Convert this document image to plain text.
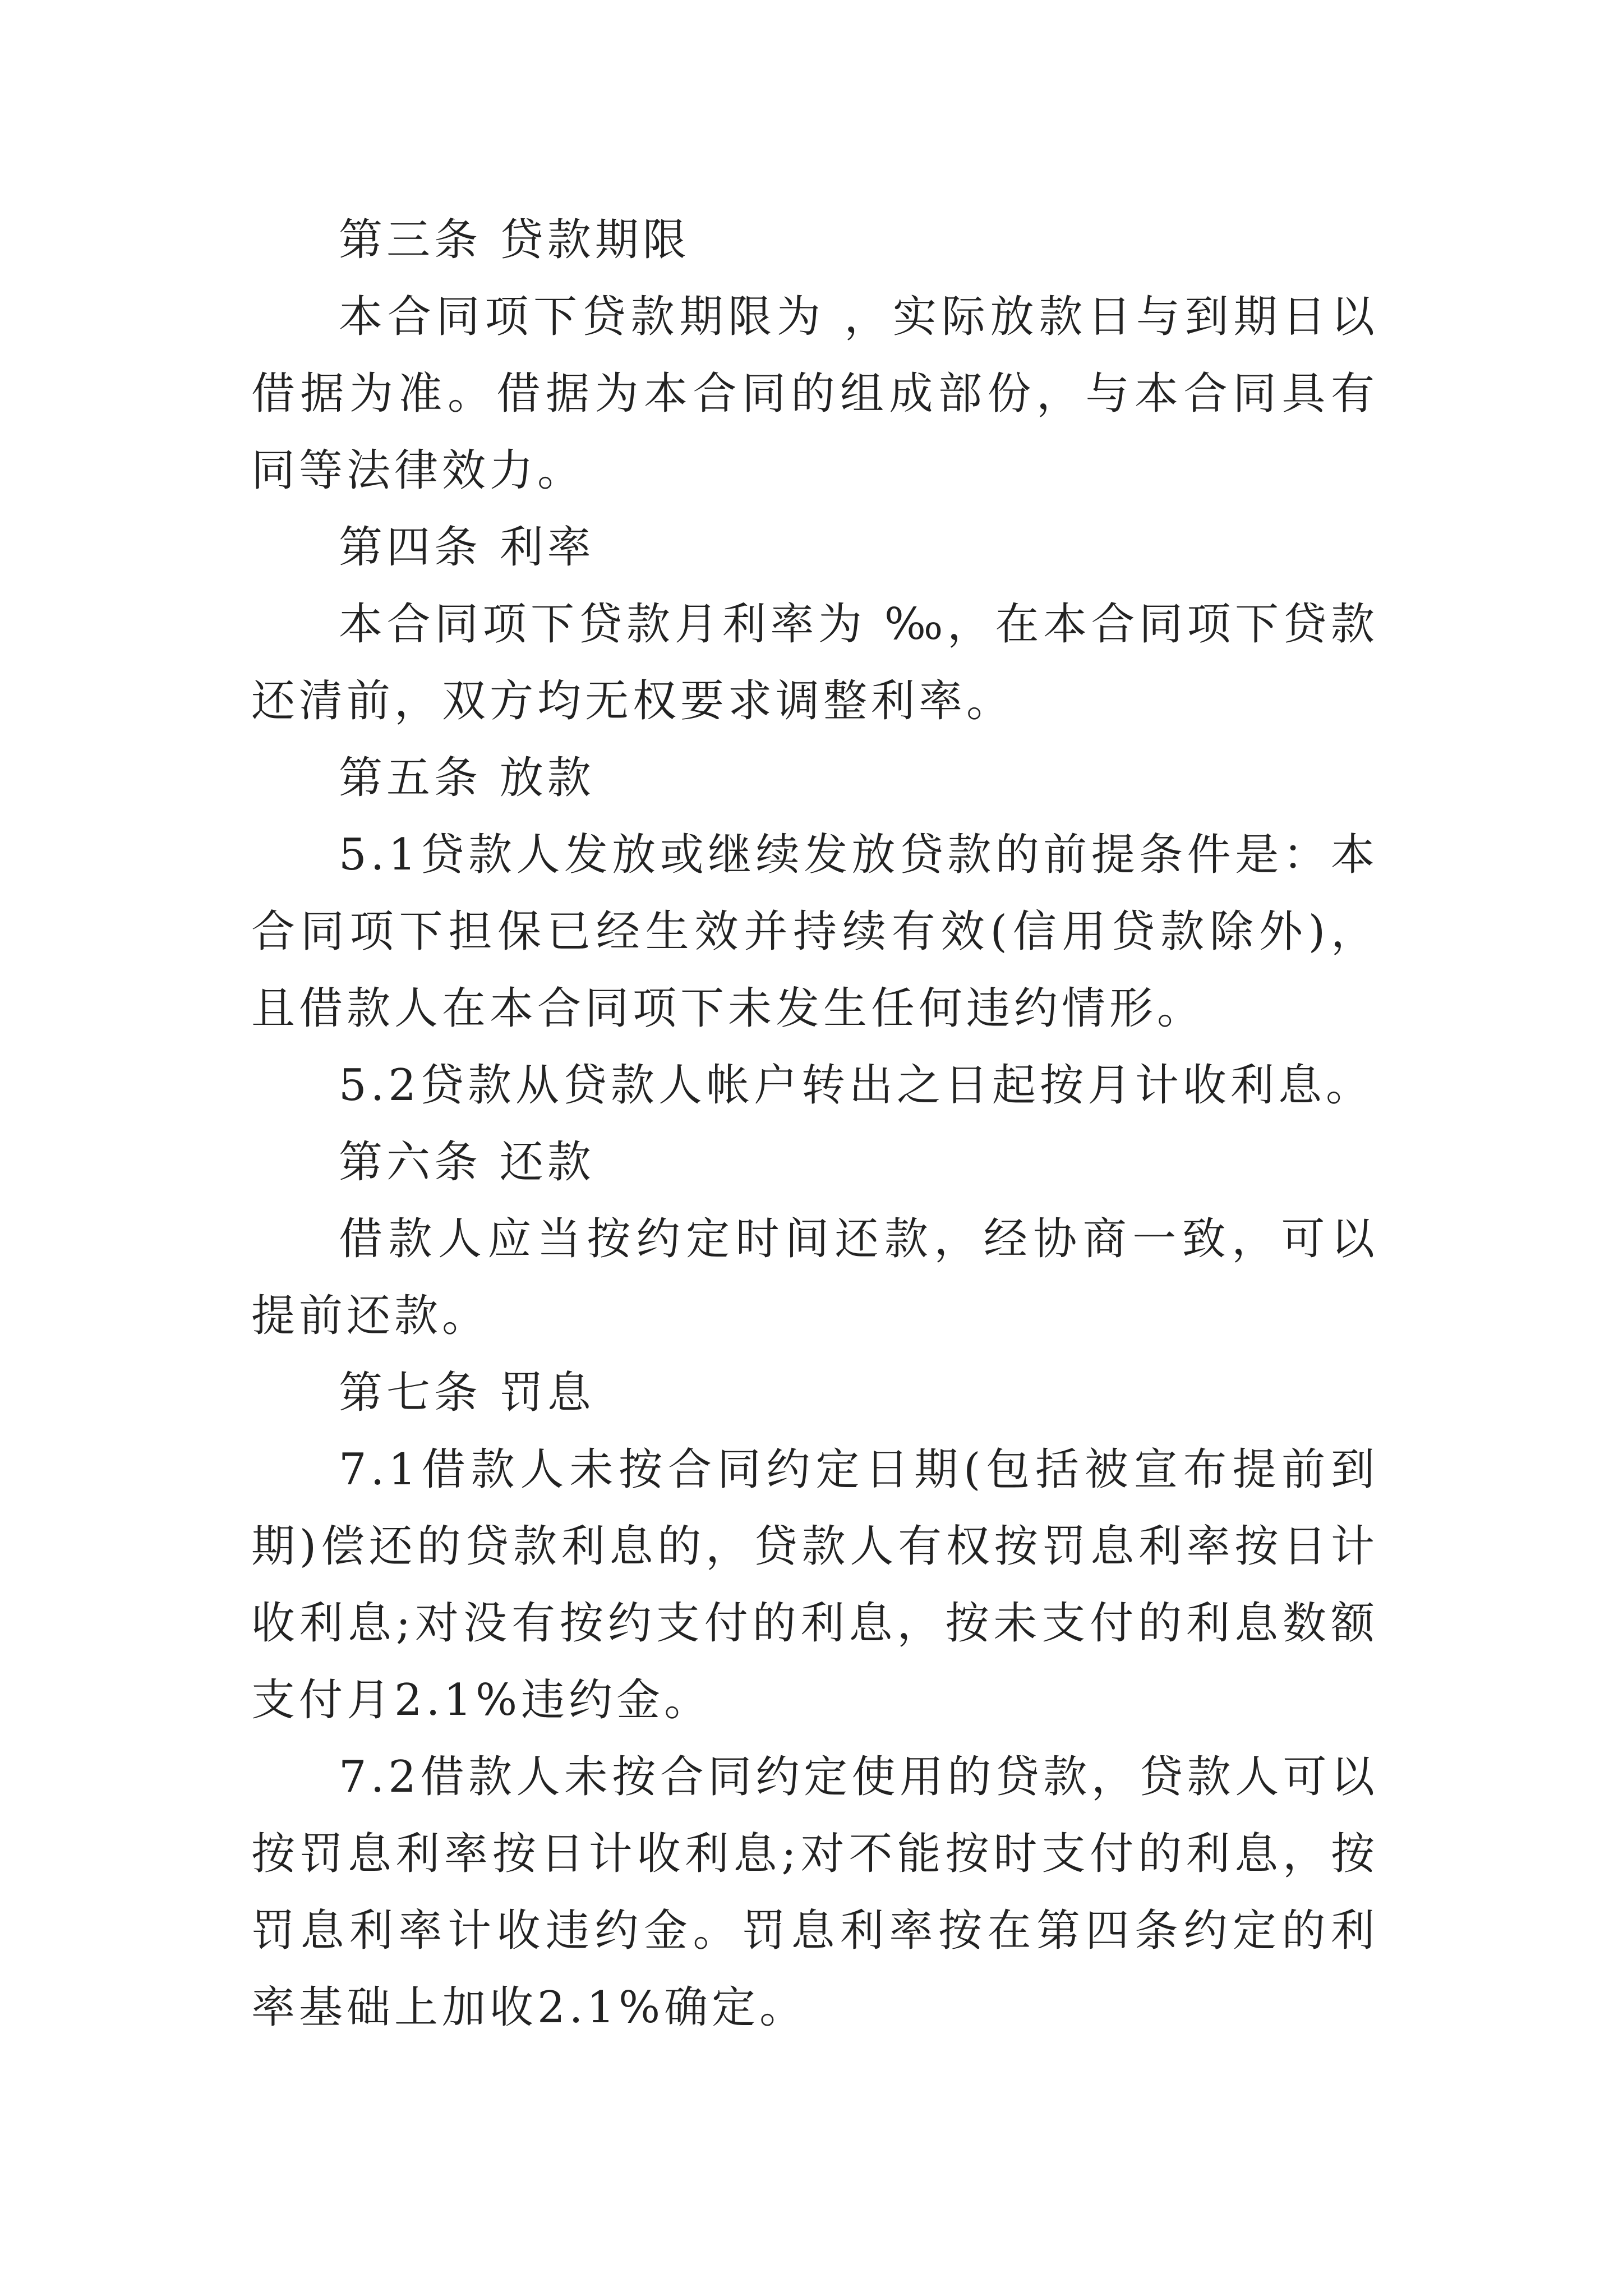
第三条 贷款期限

本合同项下贷款期限为 ，实际放款日与到期日以借据为准。借据为本合同的组成部份，与本合同具有同等法律效力。

第四条 利率

本合同项下贷款月利率为 ‰，在本合同项下贷款还清前，双方均无权要求调整利率。

第五条 放款

5.1贷款人发放或继续发放贷款的前提条件是：本合同项下担保已经生效并持续有效(信用贷款除外)， 且借款人在本合同项下未发生任何违约情形。

5.2贷款从贷款人帐户转出之日起按月计收利息。

第六条 还款

借款人应当按约定时间还款，经协商一致，可以提前还款。

第七条 罚息

7.1借款人未按合同约定日期(包括被宣布提前到期)偿还的贷款利息的，贷款人有权按罚息利率按日计收利息;对没有按约支付的利息，按未支付的利息数额支付月2.1%违约金。

7.2借款人未按合同约定使用的贷款，贷款人可以按罚息利率按日计收利息;对不能按时支付的利息，按罚息利率计收违约金。罚息利率按在第四条约定的利率基础上加收2.1%确定。
